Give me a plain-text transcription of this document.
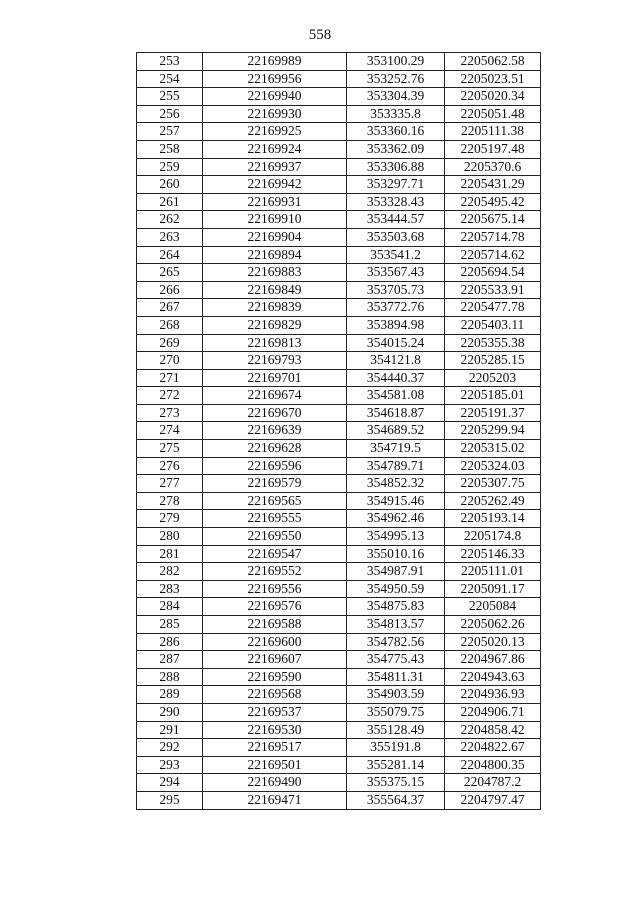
558
253	22169989	353100.29	2205062.58
254	22169956	353252.76	2205023.51
255	22169940	353304.39	2205020.34
256	22169930	353335.8	2205051.48
257	22169925	353360.16	2205111.38
258	22169924	353362.09	2205197.48
259	22169937	353306.88	2205370.6
260	22169942	353297.71	2205431.29
261	22169931	353328.43	2205495.42
262	22169910	353444.57	2205675.14
263	22169904	353503.68	2205714.78
264	22169894	353541.2	2205714.62
265	22169883	353567.43	2205694.54
266	22169849	353705.73	2205533.91
267	22169839	353772.76	2205477.78
268	22169829	353894.98	2205403.11
269	22169813	354015.24	2205355.38
270	22169793	354121.8	2205285.15
271	22169701	354440.37	2205203
272	22169674	354581.08	2205185.01
273	22169670	354618.87	2205191.37
274	22169639	354689.52	2205299.94
275	22169628	354719.5	2205315.02
276	22169596	354789.71	2205324.03
277	22169579	354852.32	2205307.75
278	22169565	354915.46	2205262.49
279	22169555	354962.46	2205193.14
280	22169550	354995.13	2205174.8
281	22169547	355010.16	2205146.33
282	22169552	354987.91	2205111.01
283	22169556	354950.59	2205091.17
284	22169576	354875.83	2205084
285	22169588	354813.57	2205062.26
286	22169600	354782.56	2205020.13
287	22169607	354775.43	2204967.86
288	22169590	354811.31	2204943.63
289	22169568	354903.59	2204936.93
290	22169537	355079.75	2204906.71
291	22169530	355128.49	2204858.42
292	22169517	355191.8	2204822.67
293	22169501	355281.14	2204800.35
294	22169490	355375.15	2204787.2
295	22169471	355564.37	2204797.47
